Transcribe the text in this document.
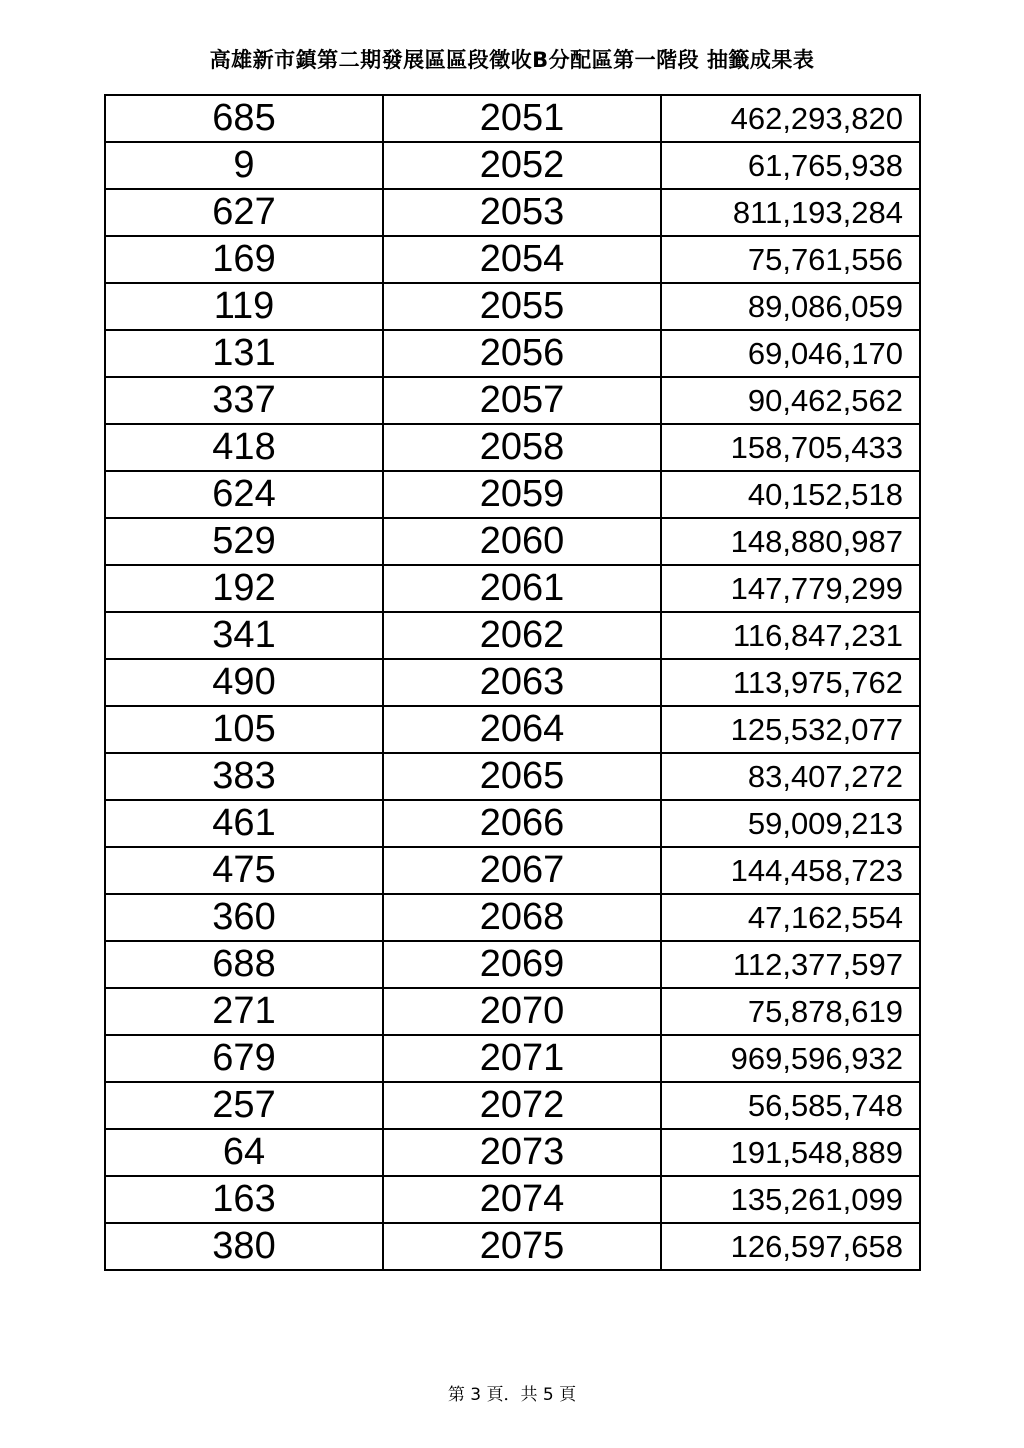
高雄新市鎮第二期發展區區段徵收B分配區第一階段 抽籤成果表
685	2051	462,293,820
9	2052	61,765,938
627	2053	811,193,284
169	2054	75,761,556
119	2055	89,086,059
131	2056	69,046,170
337	2057	90,462,562
418	2058	158,705,433
624	2059	40,152,518
529	2060	148,880,987
192	2061	147,779,299
341	2062	116,847,231
490	2063	113,975,762
105	2064	125,532,077
383	2065	83,407,272
461	2066	59,009,213
475	2067	144,458,723
360	2068	47,162,554
688	2069	112,377,597
271	2070	75,878,619
679	2071	969,596,932
257	2072	56,585,748
64	2073	191,548,889
163	2074	135,261,099
380	2075	126,597,658
第 3 頁．共 5 頁
